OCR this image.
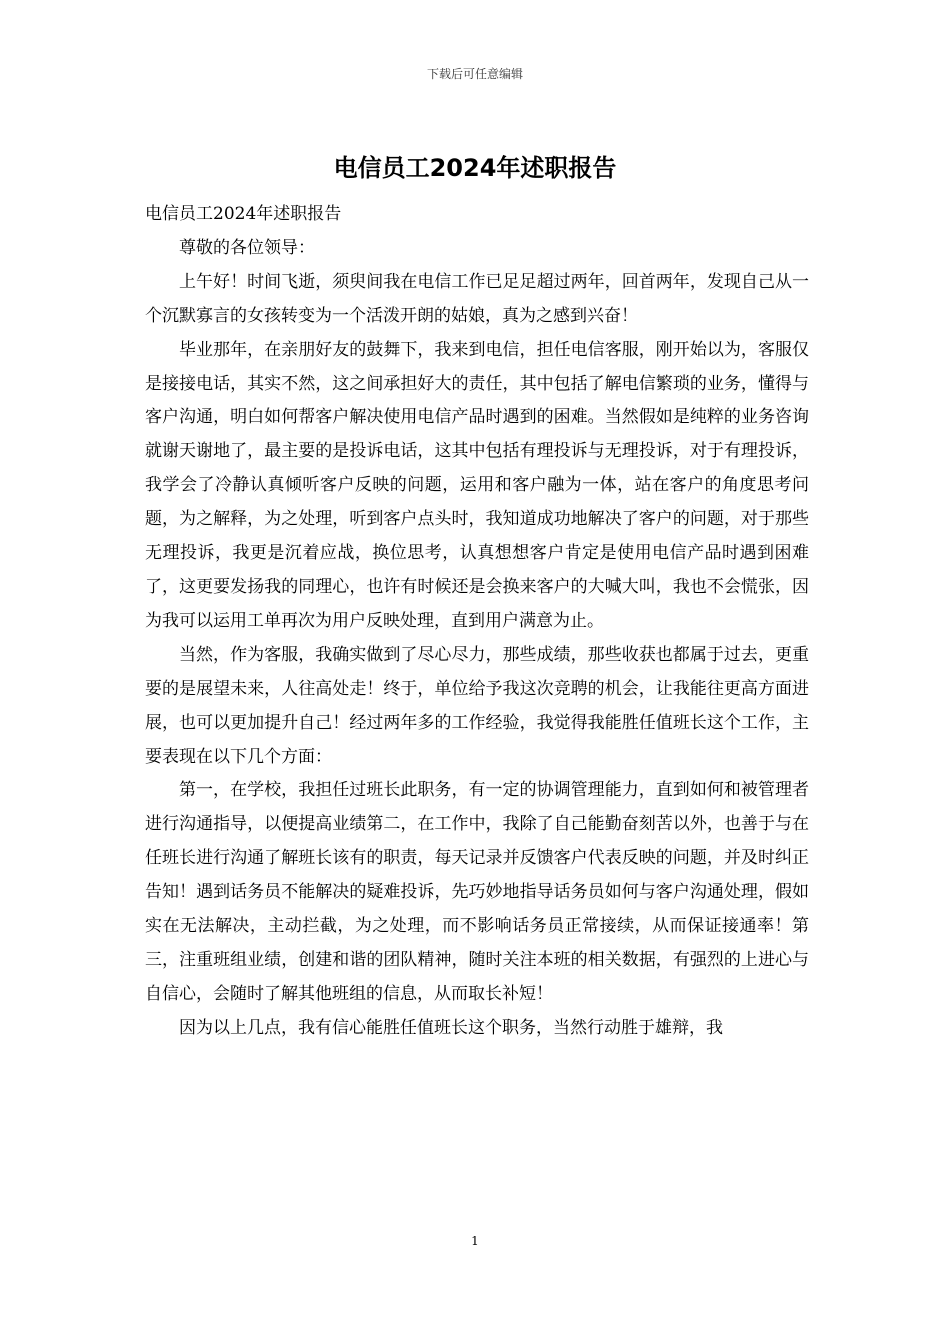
下载后可任意编辑
电信员工2024年述职报告

电信员工2024年述职报告

尊敬的各位领导：

上午好！时间飞逝，须臾间我在电信工作已足足超过两年，回首两年，发现自己从一个沉默寡言的女孩转变为一个活泼开朗的姑娘，真为之感到兴奋！

毕业那年，在亲朋好友的鼓舞下，我来到电信，担任电信客服，刚开始以为，客服仅是接接电话，其实不然，这之间承担好大的责任，其中包括了解电信繁琐的业务，懂得与客户沟通，明白如何帮客户解决使用电信产品时遇到的困难。当然假如是纯粹的业务咨询就谢天谢地了，最主要的是投诉电话，这其中包括有理投诉与无理投诉，对于有理投诉，我学会了冷静认真倾听客户反映的问题，运用和客户融为一体，站在客户的角度思考问题，为之解释，为之处理，听到客户点头时，我知道成功地解决了客户的问题，对于那些无理投诉，我更是沉着应战，换位思考，认真想想客户肯定是使用电信产品时遇到困难了，这更要发扬我的同理心，也许有时候还是会换来客户的大喊大叫，我也不会慌张，因为我可以运用工单再次为用户反映处理，直到用户满意为止。

当然，作为客服，我确实做到了尽心尽力，那些成绩，那些收获也都属于过去，更重要的是展望未来，人往高处走！终于，单位给予我这次竞聘的机会，让我能往更高方面进展，也可以更加提升自己！经过两年多的工作经验，我觉得我能胜任值班长这个工作，主要表现在以下几个方面：

第一，在学校，我担任过班长此职务，有一定的协调管理能力，直到如何和被管理者进行沟通指导，以便提高业绩第二，在工作中，我除了自己能勤奋刻苦以外，也善于与在任班长进行沟通了解班长该有的职责，每天记录并反馈客户代表反映的问题，并及时纠正告知！遇到话务员不能解决的疑难投诉，先巧妙地指导话务员如何与客户沟通处理，假如实在无法解决，主动拦截，为之处理，而不影响话务员正常接续，从而保证接通率！第三，注重班组业绩，创建和谐的团队精神，随时关注本班的相关数据，有强烈的上进心与自信心，会随时了解其他班组的信息，从而取长补短！

因为以上几点，我有信心能胜任值班长这个职务，当然行动胜于雄辩，我

1
